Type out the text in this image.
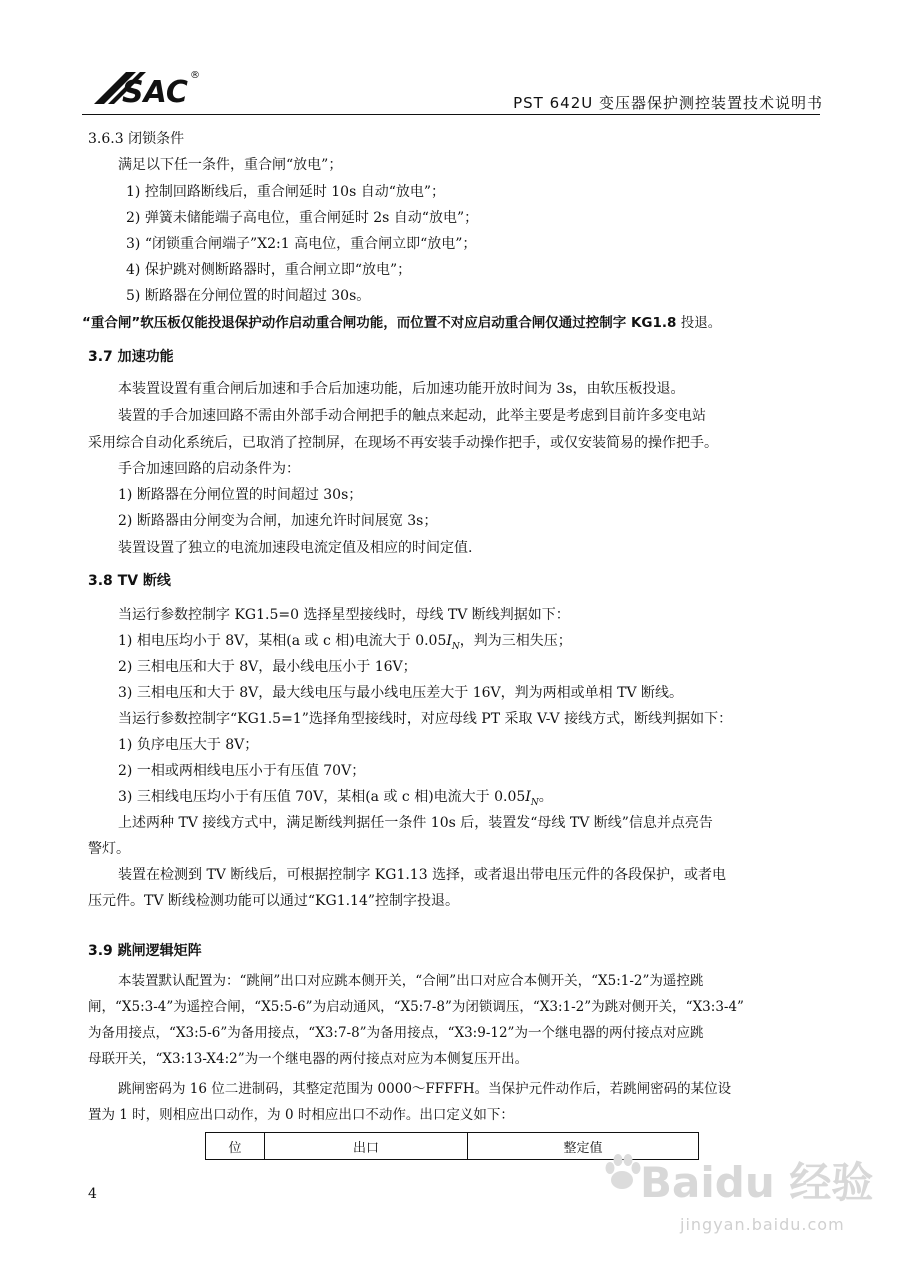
SAC ®
PST 642U 变压器保护测控装置技术说明书
3.6.3 闭锁条件
满足以下任一条件，重合闸“放电”；
1) 控制回路断线后，重合闸延时 10s 自动“放电”；
2) 弹簧未储能端子高电位，重合闸延时 2s 自动“放电”；
3) “闭锁重合闸端子”X2:1 高电位，重合闸立即“放电”；
4) 保护跳对侧断路器时，重合闸立即“放电”；
5) 断路器在分闸位置的时间超过 30s。
“重合闸”软压板仅能投退保护动作启动重合闸功能，而位置不对应启动重合闸仅通过控制字 KG1.8 投退。
3.7 加速功能
本装置设置有重合闸后加速和手合后加速功能，后加速功能开放时间为 3s，由软压板投退。
装置的手合加速回路不需由外部手动合闸把手的触点来起动，此举主要是考虑到目前许多变电站
采用综合自动化系统后，已取消了控制屏，在现场不再安装手动操作把手，或仅安装简易的操作把手。
手合加速回路的启动条件为：
1) 断路器在分闸位置的时间超过 30s；
2) 断路器由分闸变为合闸，加速允许时间展宽 3s；
装置设置了独立的电流加速段电流定值及相应的时间定值.
3.8 TV 断线
当运行参数控制字 KG1.5=0 选择星型接线时，母线 TV 断线判据如下：
1) 相电压均小于 8V，某相(a 或 c 相)电流大于 $0.05I_N$，判为三相失压；
2) 三相电压和大于 8V，最小线电压小于 16V；
3) 三相电压和大于 8V，最大线电压与最小线电压差大于 16V，判为两相或单相 TV 断线。
当运行参数控制字“KG1.5=1”选择角型接线时，对应母线 PT 采取 V-V 接线方式，断线判据如下：
1) 负序电压大于 8V；
2) 一相或两相线电压小于有压值 70V；
3) 三相线电压均小于有压值 70V，某相(a 或 c 相)电流大于 $0.05I_N$。
上述两种 TV 接线方式中，满足断线判据任一条件 10s 后，装置发“母线 TV 断线”信息并点亮告
警灯。
装置在检测到 TV 断线后，可根据控制字 KG1.13 选择，或者退出带电压元件的各段保护，或者电
压元件。TV 断线检测功能可以通过“KG1.14”控制字投退。
3.9 跳闸逻辑矩阵
本装置默认配置为：“跳闸”出口对应跳本侧开关，“合闸”出口对应合本侧开关，“X5:1-2”为遥控跳
闸，“X5:3-4”为遥控合闸，“X5:5-6”为启动通风，“X5:7-8”为闭锁调压，“X3:1-2”为跳对侧开关，“X3:3-4”
为备用接点，“X3:5-6”为备用接点，“X3:7-8”为备用接点，“X3:9-12”为一个继电器的两付接点对应跳
母联开关，“X3:13-X4:2”为一个继电器的两付接点对应为本侧复压开出。
跳闸密码为 16 位二进制码，其整定范围为 0000～FFFFH。当保护元件动作后，若跳闸密码的某位设
置为 1 时，则相应出口动作，为 0 时相应出口不动作。出口定义如下：
位	出口	整定值
4	Baidu 经验
jingyan.baidu.com
